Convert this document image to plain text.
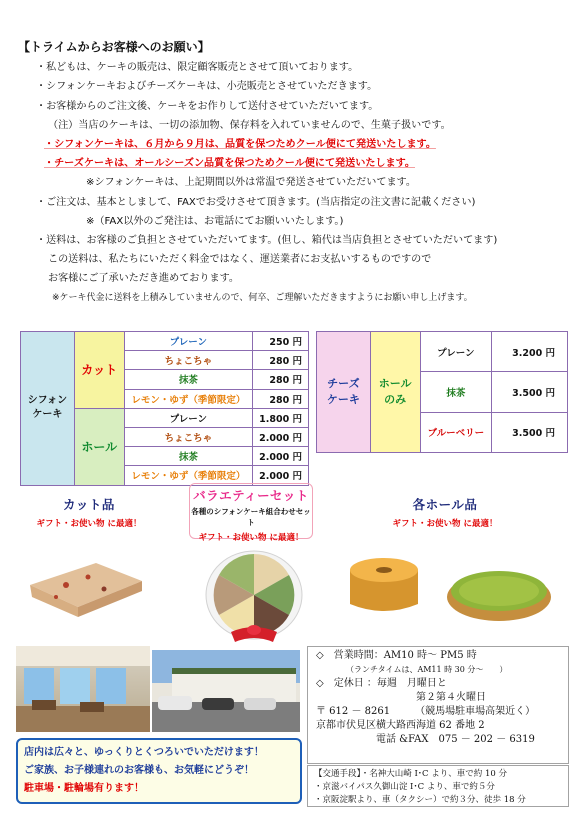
【トライムからお客様へのお願い】
・私どもは、ケーキの販売は、限定顧客販売とさせて頂いております。
・シフォンケーキおよびチーズケーキは、小売販売とさせていただきます。
・お客様からのご注文後、ケーキをお作りして送付させていただいてます。
（注）当店のケーキは、一切の添加物、保存料を入れていませんので、生菓子扱いです。
・シフォンケーキは、６月から９月は、品質を保つためクール便にて発送いたします。
・チーズケーキは、オールシーズン品質を保つためクール便にて発送いたします。
※シフォンケーキは、上記期間以外は常温で発送させていただいてます。
・ご注文は、基本としまして、FAXでお受けさせて頂きます。(当店指定の注文書に記載ください)
※（FAX以外のご発注は、お電話にてお願いいたします。)
・送料は、お客様のご負担とさせていただいてます。(但し、箱代は当店負担とさせていただいてます)
この送料は、私たちにいただく料金ではなく、運送業者にお支払いするものですので
お客様にご了承いただき進めております。
※ケーキ代金に送料を上積みしていませんので、何卒、ご理解いただきますようにお願い申し上げます。
シフォン
ケーキ	カット	プレーン	250 円
		ちょこちゃ	280 円
		抹茶	280 円
		レモン・ゆず（季節限定）	280 円
	ホール	プレーン	1.800 円
		ちょこちゃ	2.000 円
		抹茶	2.000 円
		レモン・ゆず（季節限定）	2.000 円
チーズ
ケーキ	ホール
のみ	プレーン	3.200 円
		抹茶	3.500 円
		ブルーベリー	3.500 円
カット品
ギフト・お使い物 に最適！
バラエティーセット
各種のシフォンケーキ組合わせセット
ギフト・お使い物 に最適！
各ホール品
ギフト・お使い物 に最適！
店内は広々と、ゆっくりとくつろいでいただけます！
ご家族、お子様連れのお客様も、お気軽にどうぞ！
駐車場・駐輪場有ります！
◇　営業時間：AM10 時～ PM5 時
（ランチタイムは、AM11 時 30 分～　　）
◇　定休日 ：毎週　月曜日と
第２第４火曜日
〒 612 － 8261　　　（競馬場駐車場高架近く）
京都市伏見区横大路西海道 62 番地 2
電話 &FAX　075 － 202 － 6319
【交通手段】・名神大山崎 I･C より、車で約 10 分
・京滋バイパス久御山淀 I･C より、車で約５分
・京阪淀駅より、車（タクシー）で約３分、徒歩 18 分
